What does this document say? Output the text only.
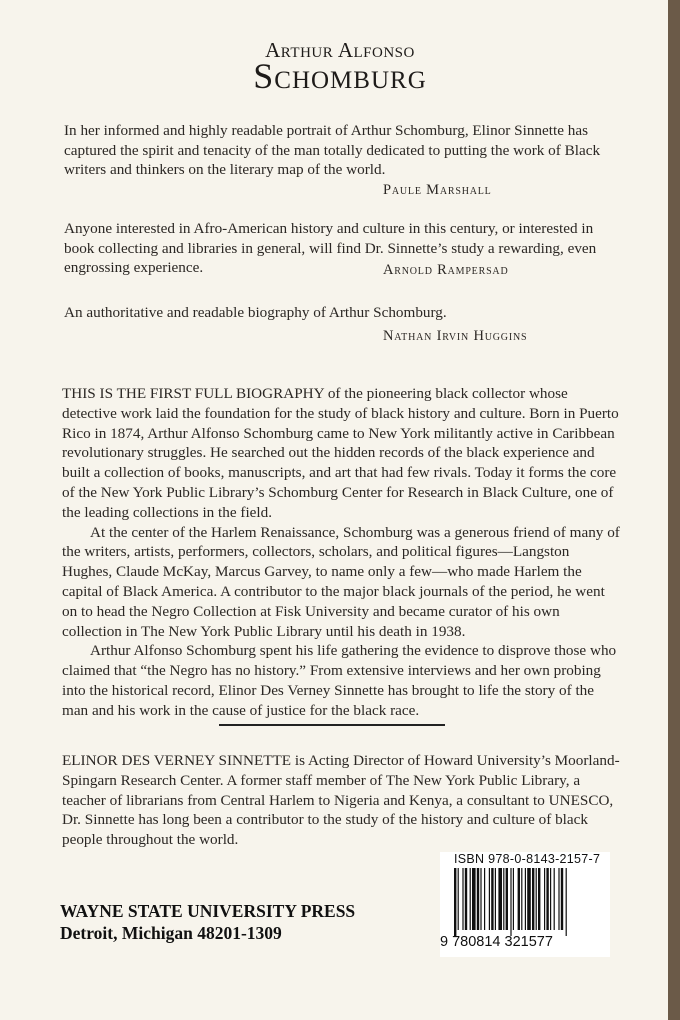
Arthur Alfonso
Schomburg

In her informed and highly readable portrait of Arthur Schomburg, Elinor Sinnette has captured the spirit and tenacity of the man totally dedicated to putting the work of Black writers and thinkers on the literary map of the world.

Paule Marshall

Anyone interested in Afro-American history and culture in this century, or interested in book collecting and libraries in general, will find Dr. Sinnette’s study a rewarding, even engrossing experience.	Arnold Rampersad

An authoritative and readable biography of Arthur Schomburg.

Nathan Irvin Huggins

THIS IS THE FIRST FULL BIOGRAPHY of the pioneering black collector whose detective work laid the foundation for the study of black history and culture. Born in Puerto Rico in 1874, Arthur Alfonso Schomburg came to New York militantly active in Caribbean revolutionary struggles. He searched out the hidden records of the black experience and built a collection of books, manuscripts, and art that had few rivals. Today it forms the core of the New York Public Library’s Schomburg Center for Research in Black Culture, one of the leading collections in the field.

At the center of the Harlem Renaissance, Schomburg was a generous friend of many of the writers, artists, performers, collectors, scholars, and political figures—Langston Hughes, Claude McKay, Marcus Garvey, to name only a few—who made Harlem the capital of Black America. A contributor to the major black journals of the period, he went on to head the Negro Collection at Fisk University and became curator of his own collection in The New York Public Library until his death in 1938.

Arthur Alfonso Schomburg spent his life gathering the evidence to disprove those who claimed that “the Negro has no history.” From extensive interviews and her own probing into the historical record, Elinor Des Verney Sinnette has brought to life the story of the man and his work in the cause of justice for the black race.

ELINOR DES VERNEY SINNETTE is Acting Director of Howard University’s Moorland-Spingarn Research Center. A former staff member of The New York Public Library, a teacher of librarians from Central Harlem to Nigeria and Kenya, a consultant to UNESCO, Dr. Sinnette has long been a contributor to the study of the history and culture of black people throughout the world.
WAYNE STATE UNIVERSITY PRESS
Detroit, Michigan 48201-1309
ISBN 978-0-8143-2157-7
9 780814 321577
